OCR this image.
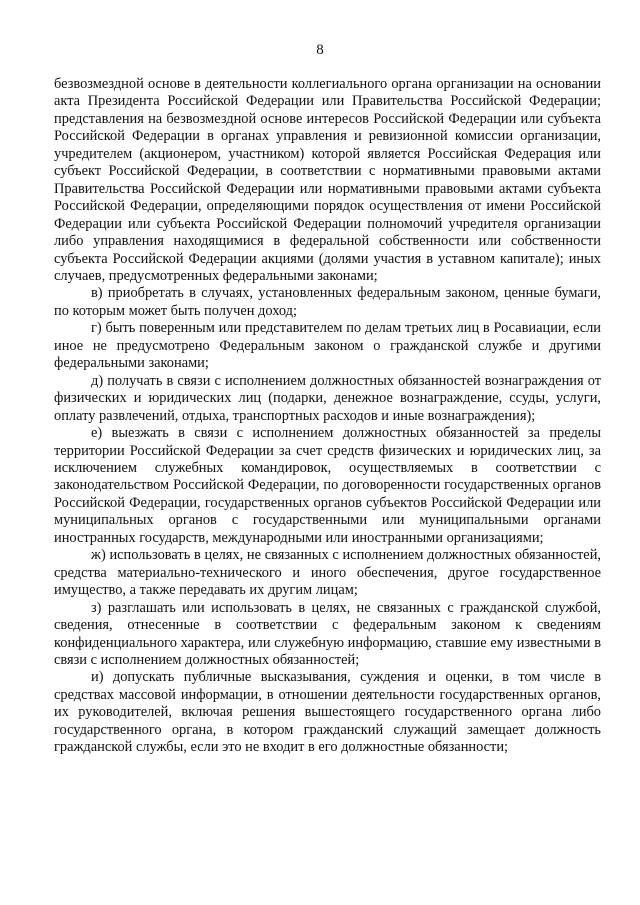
8

безвозмездной основе в деятельности коллегиального органа организации на основании акта Президента Российской Федерации или Правительства Российской Федерации; представления на безвозмездной основе интересов Российской Федерации или субъекта Российской Федерации в органах управления и ревизионной комиссии организации, учредителем (акционером, участником) которой является Российская Федерация или субъект Российской Федерации, в соответствии с нормативными правовыми актами Правительства Российской Федерации или нормативными правовыми актами субъекта Российской Федерации, определяющими порядок осуществления от имени Российской Федерации или субъекта Российской Федерации полномочий учредителя организации либо управления находящимися в федеральной собственности или собственности субъекта Российской Федерации акциями (долями участия в уставном капитале); иных случаев, предусмотренных федеральными законами;

в) приобретать в случаях, установленных федеральным законом, ценные бумаги, по которым может быть получен доход;

г) быть поверенным или представителем по делам третьих лиц в Росавиации, если иное не предусмотрено Федеральным законом о гражданской службе и другими федеральными законами;

д) получать в связи с исполнением должностных обязанностей вознаграждения от физических и юридических лиц (подарки, денежное вознаграждение, ссуды, услуги, оплату развлечений, отдыха, транспортных расходов и иные вознаграждения);

е) выезжать в связи с исполнением должностных обязанностей за пределы территории Российской Федерации за счет средств физических и юридических лиц, за исключением служебных командировок, осуществляемых в соответствии с законодательством Российской Федерации, по договоренности государственных органов Российской Федерации, государственных органов субъектов Российской Федерации или муниципальных органов с государственными или муниципальными органами иностранных государств, международными или иностранными организациями;

ж) использовать в целях, не связанных с исполнением должностных обязанностей, средства материально-технического и иного обеспечения, другое государственное имущество, а также передавать их другим лицам;

з) разглашать или использовать в целях, не связанных с гражданской службой, сведения, отнесенные в соответствии с федеральным законом к сведениям конфиденциального характера, или служебную информацию, ставшие ему известными в связи с исполнением должностных обязанностей;

и) допускать публичные высказывания, суждения и оценки, в том числе в средствах массовой информации, в отношении деятельности государственных органов, их руководителей, включая решения вышестоящего государственного органа либо государственного органа, в котором гражданский служащий замещает должность гражданской службы, если это не входит в его должностные обязанности;
